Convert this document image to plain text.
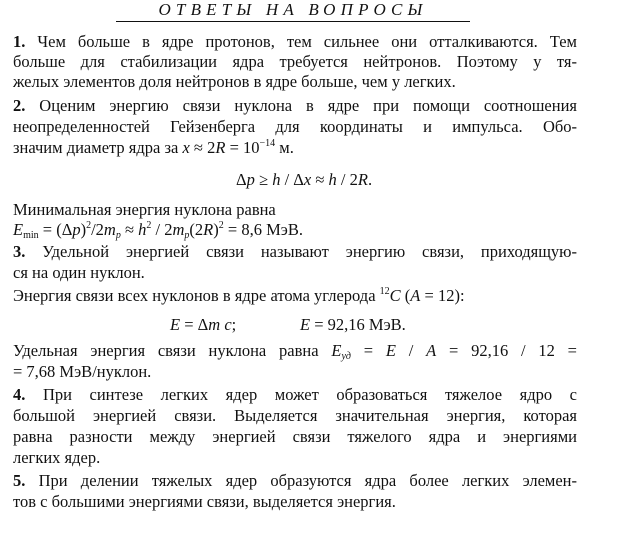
ОТВЕТЫ НА ВОПРОСЫ
1. Чем больше в ядре протонов, тем сильнее они отталкиваются. Тем
больше для стабилизации ядра требуется нейтронов. Поэтому у тя-
желых элементов доля нейтронов в ядре больше, чем у легких.
2. Оценим энергию связи нуклона в ядре при помощи соотношения
неопределенностей Гейзенберга для координаты и импульса. Обо-
значим диаметр ядра за $x \approx 2R = 10^{-14}$ м.
Δp ≥ h / Δx ≈ h / 2R.
Минимальная энергия нуклона равна
$E_{min} = (\Delta p)^2/2m_p \approx h^2 / 2m_p(2R)^2 = 8,6$ МэВ.
3. Удельной энергией связи называют энергию связи, приходящую-
ся на один нуклон.
Энергия связи всех нуклонов в ядре атома углерода $^{12}$C (A = 12):
E = Δm c;	E = 92,16 МэВ.
Удельная энергия связи нуклона равна $E_{уд} = E / A = 92,16 / 12$ =
= 7,68 МэВ/нуклон.
4. При синтезе легких ядер может образоваться тяжелое ядро с
большой энергией связи. Выделяется значительная энергия, которая
равна разности между энергией связи тяжелого ядра и энергиями
легких ядер.
5. При делении тяжелых ядер образуются ядра более легких элемен-
тов с большими энергиями связи, выделяется энергия.
